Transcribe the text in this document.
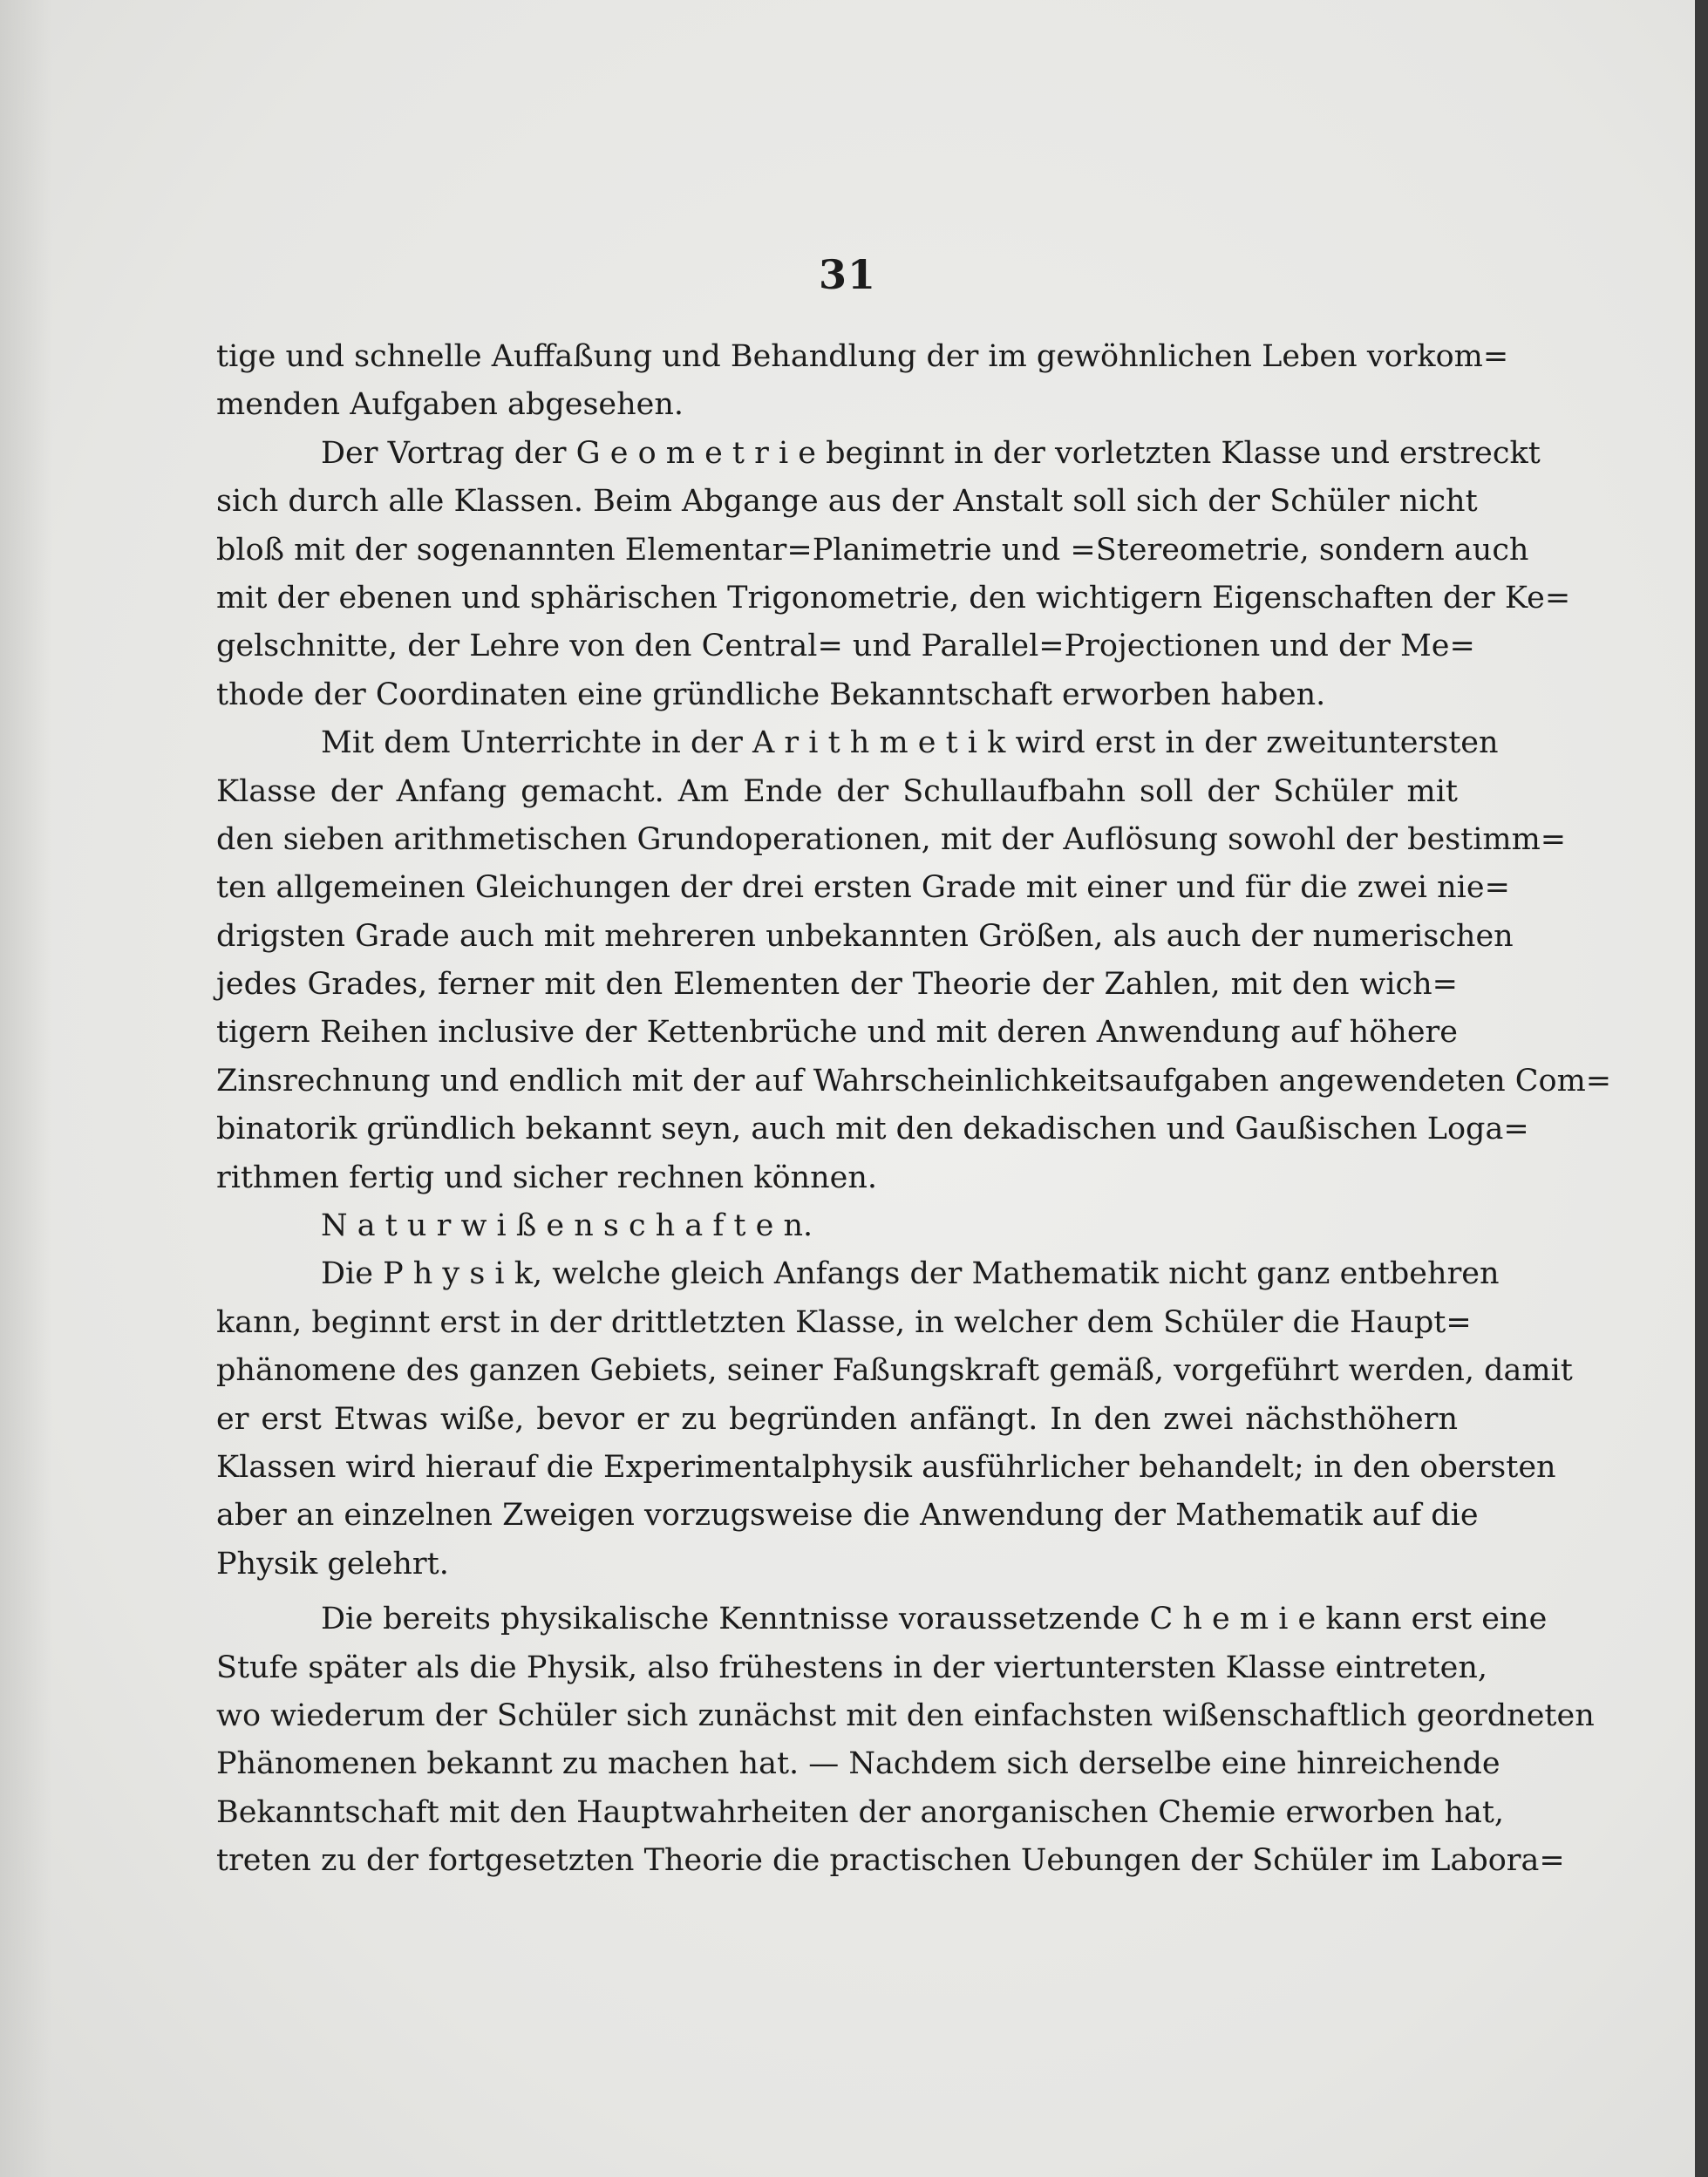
31
tige und schnelle Auffaßung und Behandlung der im gewöhnlichen Leben vorkom=
menden Aufgaben abgesehen.
Der Vortrag der G e o m e t r i e beginnt in der vorletzten Klasse und erstreckt
sich durch alle Klassen. Beim Abgange aus der Anstalt soll sich der Schüler nicht
bloß mit der sogenannten Elementar=Planimetrie und =Stereometrie, sondern auch
mit der ebenen und sphärischen Trigonometrie, den wichtigern Eigenschaften der Ke=
gelschnitte, der Lehre von den Central= und Parallel=Projectionen und der Me=
thode der Coordinaten eine gründliche Bekanntschaft erworben haben.
Mit dem Unterrichte in der A r i t h m e t i k wird erst in der zweituntersten
Klasse der Anfang gemacht. Am Ende der Schullaufbahn soll der Schüler mit
den sieben arithmetischen Grundoperationen, mit der Auflösung sowohl der bestimm=
ten allgemeinen Gleichungen der drei ersten Grade mit einer und für die zwei nie=
drigsten Grade auch mit mehreren unbekannten Größen, als auch der numerischen
jedes Grades, ferner mit den Elementen der Theorie der Zahlen, mit den wich=
tigern Reihen inclusive der Kettenbrüche und mit deren Anwendung auf höhere
Zinsrechnung und endlich mit der auf Wahrscheinlichkeitsaufgaben angewendeten Com=
binatorik gründlich bekannt seyn, auch mit den dekadischen und Gaußischen Loga=
rithmen fertig und sicher rechnen können.
N a t u r w i ß e n s c h a f t e n.
Die P h y s i k, welche gleich Anfangs der Mathematik nicht ganz entbehren
kann, beginnt erst in der drittletzten Klasse, in welcher dem Schüler die Haupt=
phänomene des ganzen Gebiets, seiner Faßungskraft gemäß, vorgeführt werden, damit
er erst Etwas wiße, bevor er zu begründen anfängt. In den zwei nächsthöhern
Klassen wird hierauf die Experimentalphysik ausführlicher behandelt; in den obersten
aber an einzelnen Zweigen vorzugsweise die Anwendung der Mathematik auf die
Physik gelehrt.
Die bereits physikalische Kenntnisse voraussetzende C h e m i e kann erst eine
Stufe später als die Physik, also frühestens in der viertuntersten Klasse eintreten,
wo wiederum der Schüler sich zunächst mit den einfachsten wißenschaftlich geordneten
Phänomenen bekannt zu machen hat. — Nachdem sich derselbe eine hinreichende
Bekanntschaft mit den Hauptwahrheiten der anorganischen Chemie erworben hat,
treten zu der fortgesetzten Theorie die practischen Uebungen der Schüler im Labora=
